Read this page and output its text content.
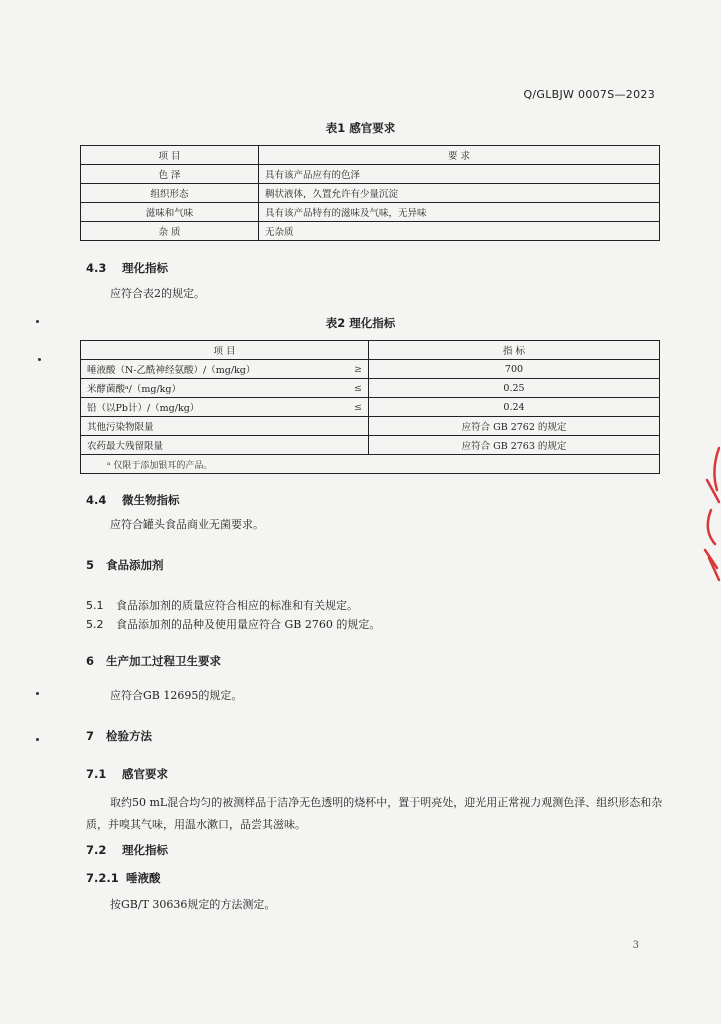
Q/GLBJW 0007S—2023
表1 感官要求
项 目	要 求
色 泽	具有该产品应有的色泽
组织形态	稠状液体，久置允许有少量沉淀
滋味和气味	具有该产品特有的滋味及气味，无异味
杂 质	无杂质
4.3 理化指标
应符合表2的规定。
表2 理化指标
项 目		指 标
唾液酸（N-乙酰神经氨酸）/（mg/kg）	≥	700
米酵菌酸ᵃ/（mg/kg）	≤	0.25
铅（以Pb计）/（mg/kg）	≤	0.24
其他污染物限量		应符合 GB 2762 的规定
农药最大残留限量		应符合 GB 2763 的规定
ᵃ 仅限于添加银耳的产品。		
4.4 微生物指标
应符合罐头食品商业无菌要求。
5 食品添加剂
5.1 食品添加剂的质量应符合相应的标准和有关规定。
5.2 食品添加剂的品种及使用量应符合 GB 2760 的规定。
6 生产加工过程卫生要求
应符合GB 12695的规定。
7 检验方法
7.1 感官要求
取约50 mL混合均匀的被测样品于洁净无色透明的烧杯中，置于明亮处，迎光用正常视力观测色泽、组织形态和杂质，并嗅其气味，用温水漱口，品尝其滋味。
7.2 理化指标
7.2.1 唾液酸
按GB/T 30636规定的方法测定。
3
